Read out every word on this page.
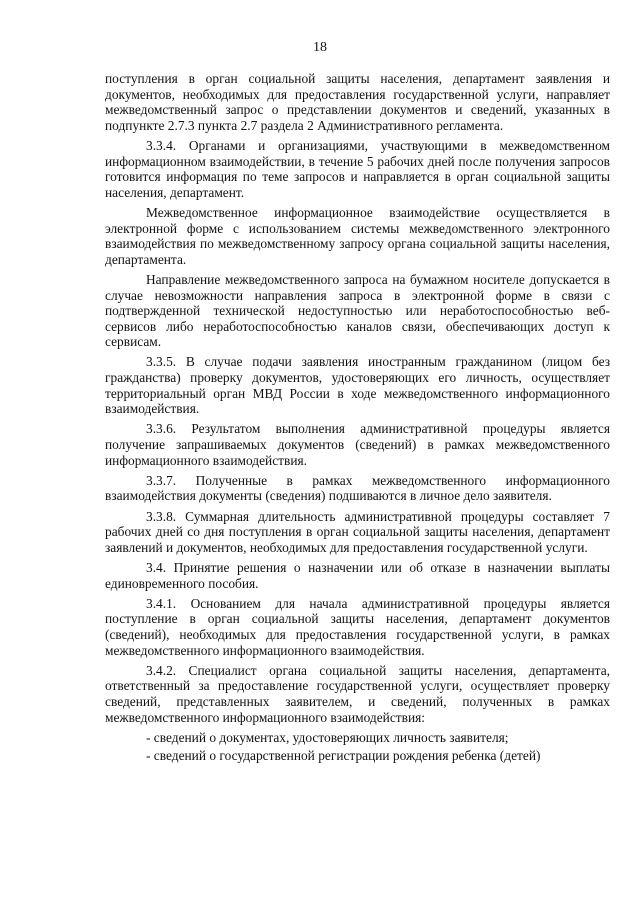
18

поступления в орган социальной защиты населения, департамент заявления и документов, необходимых для предоставления государственной услуги, направляет межведомственный запрос о представлении документов и сведений, указанных в подпункте 2.7.3 пункта 2.7 раздела 2 Административного регламента.

3.3.4. Органами и организациями, участвующими в межведомственном информационном взаимодействии, в течение 5 рабочих дней после получения запросов готовится информация по теме запросов и направляется в орган социальной защиты населения, департамент.

Межведомственное информационное взаимодействие осуществляется в электронной форме с использованием системы межведомственного электронного взаимодействия по межведомственному запросу органа социальной защиты населения, департамента.

Направление межведомственного запроса на бумажном носителе допускается в случае невозможности направления запроса в электронной форме в связи с подтвержденной технической недоступностью или неработоспособностью веб-сервисов либо неработоспособностью каналов связи, обеспечивающих доступ к сервисам.

3.3.5. В случае подачи заявления иностранным гражданином (лицом без гражданства) проверку документов, удостоверяющих его личность, осуществляет территориальный орган МВД России в ходе межведомственного информационного взаимодействия.

3.3.6. Результатом выполнения административной процедуры является получение запрашиваемых документов (сведений) в рамках межведомственного информационного взаимодействия.

3.3.7. Полученные в рамках межведомственного информационного взаимодействия документы (сведения) подшиваются в личное дело заявителя.

3.3.8. Суммарная длительность административной процедуры составляет 7 рабочих дней со дня поступления в орган социальной защиты населения, департамент заявлений и документов, необходимых для предоставления государственной услуги.

3.4. Принятие решения о назначении или об отказе в назначении выплаты единовременного пособия.

3.4.1. Основанием для начала административной процедуры является поступление в орган социальной защиты населения, департамент документов (сведений), необходимых для предоставления государственной услуги, в рамках межведомственного информационного взаимодействия.

3.4.2. Специалист органа социальной защиты населения, департамента, ответственный за предоставление государственной услуги, осуществляет проверку сведений, представленных заявителем, и сведений, полученных в рамках межведомственного информационного взаимодействия:

- сведений о документах, удостоверяющих личность заявителя;

- сведений о государственной регистрации рождения ребенка (детей)
